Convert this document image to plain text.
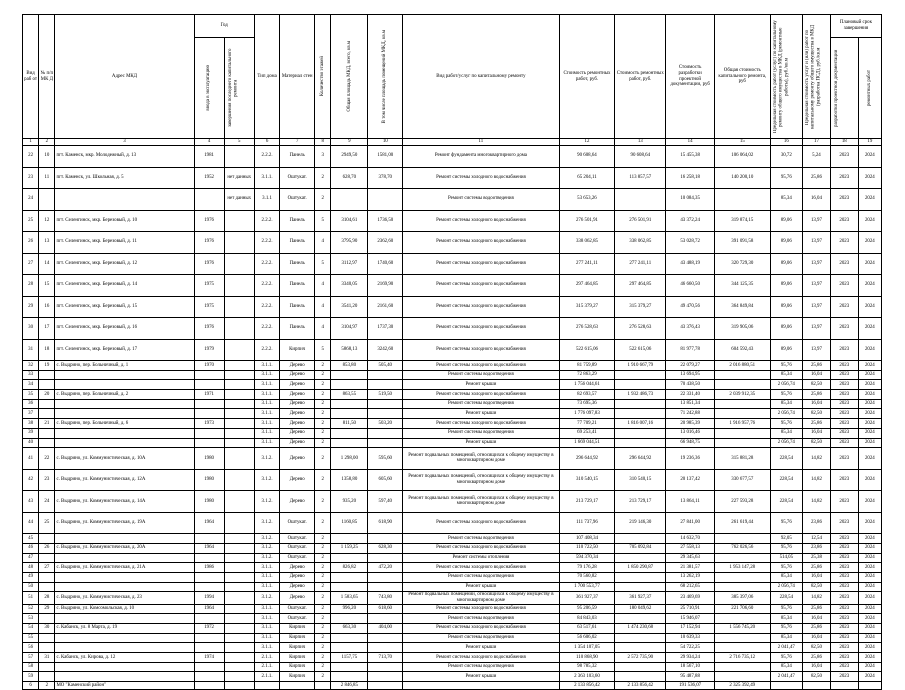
Вид раб от	№ п/п МК Д	Адрес МКД	Год		Тип дома	Материал стен	Количество этажей	Общая площадь МКД, всего, кв.м	В том числе площадь помещений МКД, кв.м	Вид работ/услуг по капитальному ремонту	Стоимость ремонтных работ, руб.	Стоимость ремонтных работ, руб.	Стоимость разработки проектной документации, руб	Общая стоимость капитального ремонта, руб	Предельная стоимость работ (услуг) по капитальному ремонту общего имущества в МКД (ремонтные работы), руб./кв.м	Предельная стоимость услуг и (или) работ по капитальному ремонту общего имущества в МКД (разработка ПСД), руб./кв.м	Плановый срок завершения	

			ввода в эксплуатацию	завершения последнего капитального ремонта													разработки проектной документации	ремонтных работ

1	2	3	4	5	6	7	8	9	10	11	12	13	14	15	16	17	18	19
22	10	пгт. Каменск, мкр. Молодежный, д. 13	1981		2.2.2.	Панель	3	2949,50	1581,00	Ремонт фундамента многоквартирного дома	90 608,64	90 608,64	15 455,38	106 064,02	30,72	5,24	2023	2024
23	11	пгт. Каменск, ул. Школьная, д. 5	1952	нет данных	3.1.1.	Оштукат.	2	628,70	378,70	Ремонт системы холодного водоснабжения	65 204,11	113 857,57	16 258,18	140 200,10	95,76	25,86	2023	2024
24				нет данных	3.1.1	Оштукат.	2			Ремонт системы водоотведения	53 653,26		10 084,35		85,34	16,04	2023	2024
25	12	пгт. Селенгинск, мкр. Березовый, д. 10	1976		2.2.2.	Панель	5	3104,61	1736,50	Ремонт системы холодного водоснабжения	276 501,91	276 501,91	43 372,24	319 874,15	89,06	13,97	2023	2024
26	13	пгт. Селенгинск, мкр. Березовый, д. 11	1976		2.2.2.	Панель	4	3795,90	2362,60	Ремонт системы холодного водоснабжения	338 062,85	338 062,85	53 028,72	391 091,58	89,06	13,97	2023	2024
27	14	пгт. Селенгинск, мкр. Березовый, д. 12	1976		2.2.2.	Панель	5	3112,97	1740,60	Ремонт системы холодного водоснабжения	277 241,11	277 241,11	43 488,19	320 729,30	89,06	13,97	2023	2024
28	15	пгт. Селенгинск, мкр. Березовый, д. 14	1975		2.2.2.	Панель	4	3340,05	2169,90	Ремонт системы холодного водоснабжения	297 464,85	297 464,85	46 660,50	344 125,35	89,06	13,97	2023	2024
29	16	пгт. Селенгинск, мкр. Березовый, д. 15	1975		2.2.2.	Панель	4	3541,20	2161,60	Ремонт системы холодного водоснабжения	315 379,27	315 379,27	49 470,56	364 849,84	89,06	13,97	2023	2024
30	17	пгт. Селенгинск, мкр. Березовый, д. 16	1976		2.2.2.	Панель	4	3104,97	1737,30	Ремонт системы холодного водоснабжения	276 528,63	276 528,63	43 376,43	319 905,06	89,06	13,97	2023	2024
31	18	пгт. Селенгинск, мкр. Березовый, д. 17	1979		2.2.2.	Кирпич	5	5868,13	3242,60	Ремонт системы холодного водоснабжения	522 615,06	522 615,06	81 977,78	604 592,43	89,06	13,97	2023	2024
32	19	с. Выдрино, пер. Больничный, д. 1	1970		3.1.1.	Дерево	2	853,80	505,40	Ремонт системы холодного водоснабжения	81 759,89	1 910 667,79	22 079,27	2 016 880,51	95,76	25,86	2023	2024
33					3.1.1.	Дерево	2			Ремонт системы водоотведения	72 863,29		13 694,95		85,34	16,04	2023	2024
34					3.1.1.	Дерево	2			Ремонт крыши	1 756 044,61		70 438,50		2 056,74	82,50	2023	2024
35	20	с. Выдрино, пер. Больничный, д. 2	1971		3.1.1.	Дерево	2	863,55	519,50	Ремонт системы холодного водоснабжения	82 693,57	1 932 486,73	22 331,40	2 039 912,35	95,76	25,86	2023	2024
36					3.1.1.	Дерево	2			Ремонт системы водоотведения	73 695,36		13 851,34		85,34	16,04	2023	2024
37					3.1.1.	Дерево	2			Ремонт крыши	1 776 097,83		71 242,88		2 056,74	82,50	2023	2024
38	21	с. Выдрино, пер. Больничный, д. 6	1973		3.1.1.	Дерево	2	811,50	503,20	Ремонт системы холодного водоснабжения	77 709,21	1 816 007,16	20 985,39	1 916 957,76	95,76	25,86	2023	2024
39					3.1.1.	Дерево	2			Ремонт системы водоотведения	69 253,41		13 016,46		85,34	16,04	2023	2024
40					3.1.1.	Дерево	2			Ремонт крыши	1 669 044,51		66 948,75		2 056,74	82,50	2023	2024
41	22	с. Выдрино, ул. Коммунистическая, д. 10А	1980		3.1.2.	Дерево	2	1 298,00	595,60	Ремонт подвальных помещений, относящихся к общему имуществу в многоквартирном доме	296 644,92	296 644,92	19 236,36	315 881,28	228,54	14,82	2023	2024
42	23	с. Выдрино, ул. Коммунистическая, д. 12А	1980		3.1.2.	Дерево	2	1358,80	605,60	Ремонт подвальных помещений, относящихся к общему имуществу в многоквартирном доме	310 540,15	310 540,15	20 137,42	330 677,57	228,54	14,82	2023	2024
43	24	с. Выдрино, ул. Коммунистическая, д. 14А	1980		3.1.2.	Дерево	2	935,20	597,40	Ремонт подвальных помещений, относящихся к общему имуществу в многоквартирном доме	213 729,17	213 729,17	13 864,11	227 593,28	228,54	14,82	2023	2024
44	25	с. Выдрино, ул. Коммунистическая, д. 19А	1964		3.1.2.	Оштукат.	2	1160,85	618,90	Ремонт системы холодного водоснабжения	111 737,96	219 146,30	27 841,00	261 619,44	95,76	23,86	2023	2024
45					3.1.2.	Оштукат.	2			Ремонт системы водоотведения	107 408,34		14 632,70		92,05	12,54	2023	2024
46	26	с. Выдрино, ул. Коммунистическая, д. 20А	1964		3.1.2.	Оштукат.	2	1 159,25	628,30	Ремонт системы холодного водоснабжения	110 722,50	705 092,84	27 558,13	762 026,56	95,76	23,86	2023	2024
47					3.1.2.	Оштукат.	2			Ремонт системы отопления	594 370,34		29 345,63		514,05	25,38	2023	2024
48	27	с. Выдрино, ул. Коммунистическая, д. 21А	1986		3.1.1.	Дерево	2	826,82	472,20	Ремонт системы холодного водоснабжения	79 176,28	1 850 290,87	21 381,57	1 953 147,28	95,76	25,86	2023	2024
49					3.1.1.	Дерево	2			Ремонт системы водоотведения	70 560,82		13 262,19		85,34	16,04	2023	2024
50					3.1.1.	Дерево	2			Ремонт крыши	1 700 553,77		68 212,65		2 056,74	82,50	2023	2024
51	28	с. Выдрино, ул. Коммунистическая, д. 23	1994		3.1.2.	Дерево	2	1 583,65	743,80	Ремонт подвальных помещений, относящихся к общему имуществу в многоквартирном доме	361 927,37	361 927,37	23 469,69	385 397,06	228,54	14,82	2023	2024
52	29	с. Выдрино, ул. Комсомольская, д. 10	1964		3.1.1.	Оштукат.	2	996,20	618,60	Ремонт системы холодного водоснабжения	95 206,59	180 049,62	25 710,91	221 706,60	95,76	25,86	2023	2024
53					3.1.1.	Оштукат.	2			Ремонт системы водоотведения	84 843,03		15 946,07		85,34	16,04	2023	2024
54	30	с. Кабанск, ул. 8 Марта, д. 19	1972		3.1.1.	Кирпич	2	663,30	404,00	Ремонт системы холодного водоснабжения	63 517,61	1 474 230,68	17 152,94	1 556 745,20	95,76	25,86	2023	2024
55					3.1.1.	Кирпич	2			Ремонт системы водоотведения	56 606,02		10 639,33		85,34	16,04	2023	2024
56					3.1.1.	Кирпич	2			Ремонт крыши	1 354 107,05		54 722,25		2 041,47	82,50	2023	2024
57	31	с. Кабанск, ул. Кирова, д. 12	1974		2.1.1.	Кирпич	2	1157,75	713,70	Ремонт системы холодного водоснабжения	110 868,90	2 572 735,90	29 934,24	2 716 735,12	95,76	25,86	2023	2024
58					2.1.1.	Кирпич	2			Ремонт системы водоотведения	98 785,32		18 567,10		85,34	16,04	2023	2024
59					2.1.1.	Кирпич	2			Ремонт крыши	2 363 103,60		95 487,88		2 041,47	82,50	2023	2024
6	2	МО "Каменский район"						2 846,85			2 133 856,42	2 133 856,42	191 536,07	2 325 392,49				
